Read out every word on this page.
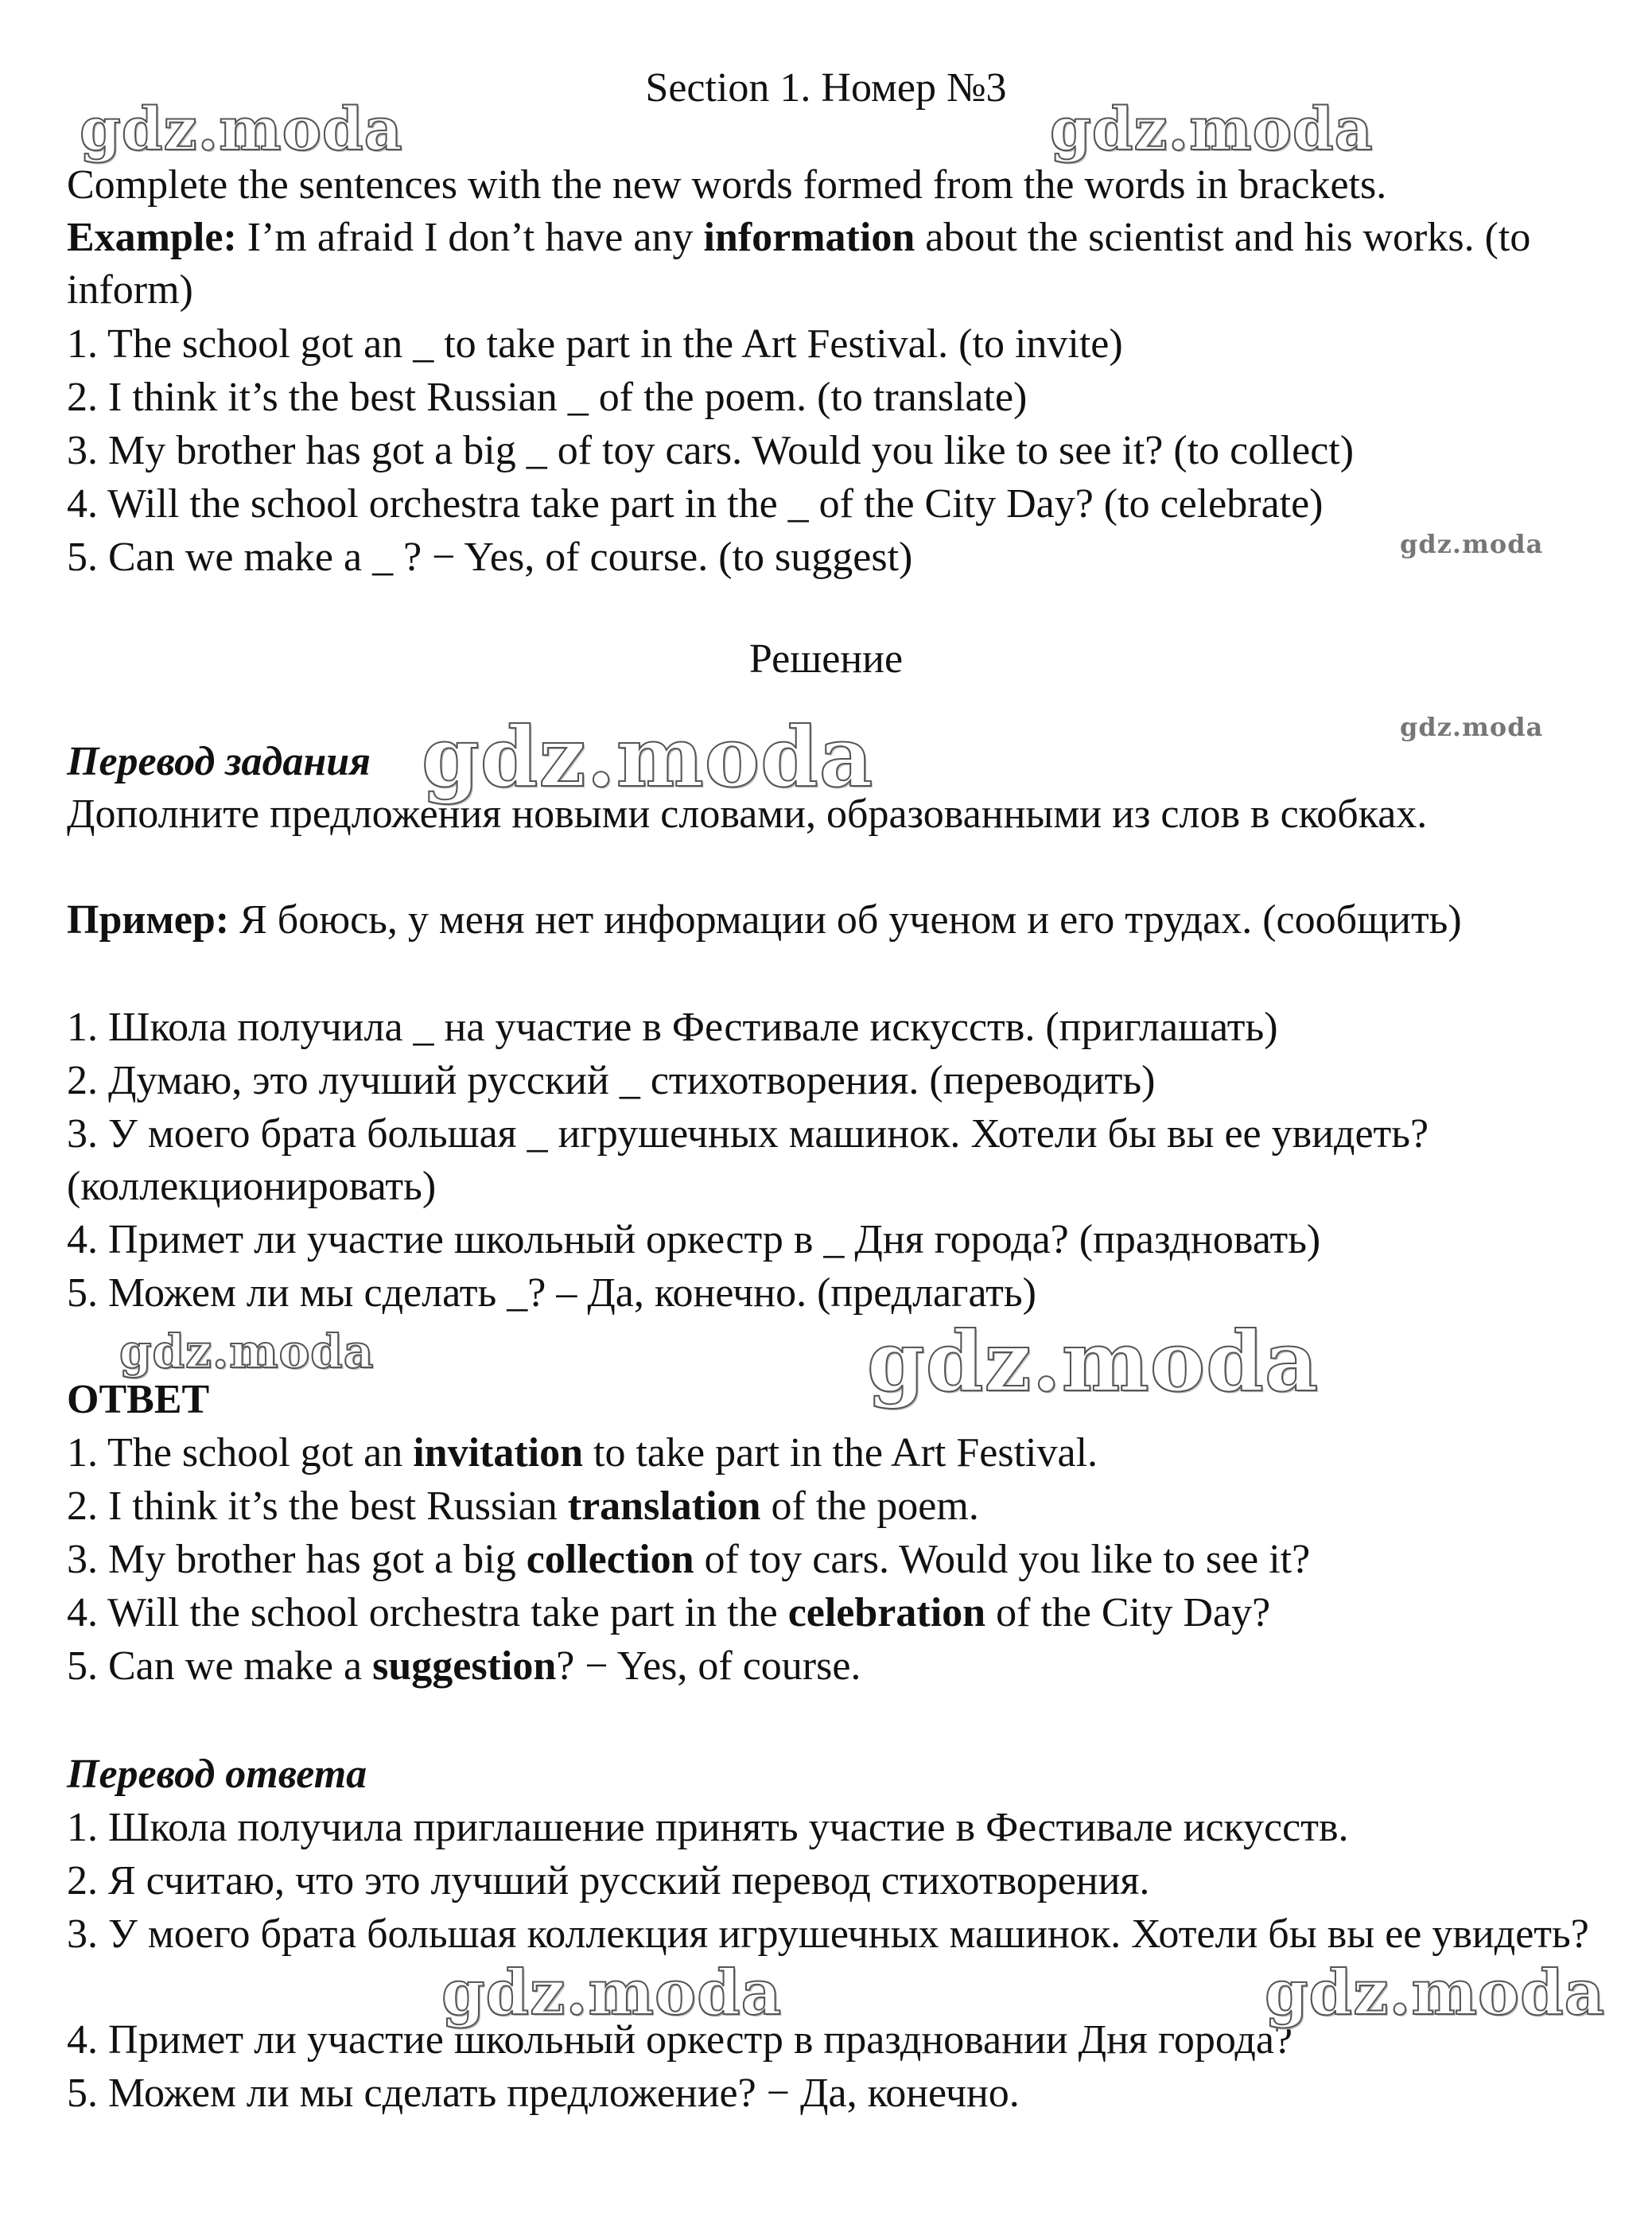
Section 1. Номер №3
Complete the sentences with the new words formed from the words in brackets.
Example: I’m afraid I don’t have any information about the scientist and his works. (to inform)
1. The school got an _ to take part in the Art Festival. (to invite)
2. I think it’s the best Russian _ of the poem. (to translate)
3. My brother has got a big _ of toy cars. Would you like to see it? (to collect)
4. Will the school orchestra take part in the _ of the City Day? (to celebrate)
5. Can we make a _ ? − Yes, of course. (to suggest)
Решение
Перевод задания
Дополните предложения новыми словами, образованными из слов в скобках.
Пример: Я боюсь, у меня нет информации об ученом и его трудах. (сообщить)
1. Школа получила _ на участие в Фестивале искусств. (приглашать)
2. Думаю, это лучший русский _ стихотворения. (переводить)
3. У моего брата большая _ игрушечных машинок. Хотели бы вы ее увидеть? (коллекционировать)
4. Примет ли участие школьный оркестр в _ Дня города? (праздновать)
5. Можем ли мы сделать _? – Да, конечно. (предлагать)
ОТВЕТ
1. The school got an invitation to take part in the Art Festival.
2. I think it’s the best Russian translation of the poem.
3. My brother has got a big collection of toy cars. Would you like to see it?
4. Will the school orchestra take part in the celebration of the City Day?
5. Can we make a suggestion? − Yes, of course.
Перевод ответа
1. Школа получила приглашение принять участие в Фестивале искусств.
2. Я считаю, что это лучший русский перевод стихотворения.
3. У моего брата большая коллекция игрушечных машинок. Хотели бы вы ее увидеть?
4. Примет ли участие школьный оркестр в праздновании Дня города?
5. Можем ли мы сделать предложение? − Да, конечно.
gdz.moda	gdz.moda
gdz.moda
gdz.moda
gdz.moda
gdz.moda	gdz.moda
gdz.moda	gdz.moda
